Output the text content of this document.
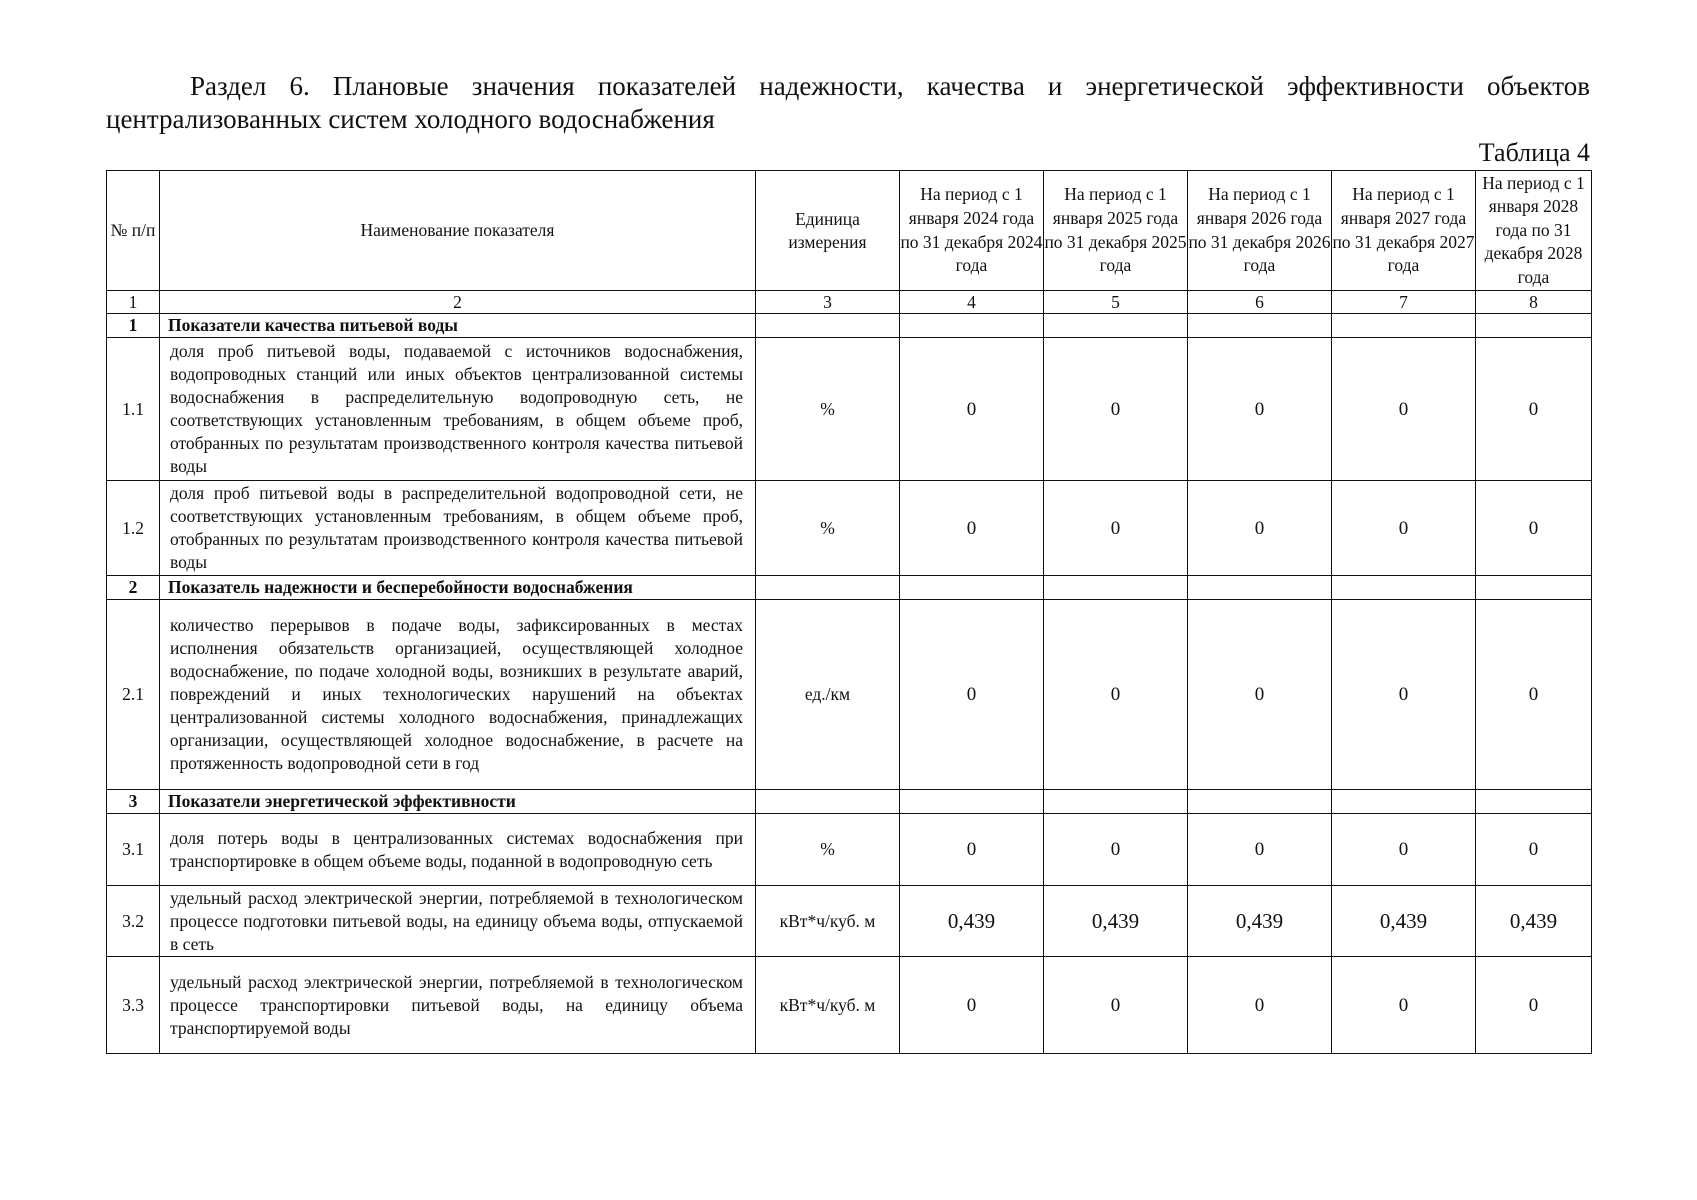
Раздел 6. Плановые значения показателей надежности, качества и энергетической эффективности объектов централизованных систем холодного водоснабжения
Таблица 4
№ п/п	Наименование показателя	Единица измерения	На период с 1 января 2024 года по 31 декабря 2024 года	На период с 1 января 2025 года по 31 декабря 2025 года	На период с 1 января 2026 года по 31 декабря 2026 года	На период с 1 января 2027 года по 31 декабря 2027 года	На период с 1 января 2028 года по 31 декабря 2028 года
1	2	3	4	5	6	7	8
1	Показатели качества питьевой воды						
1.1	доля проб питьевой воды, подаваемой с источников водоснабжения, водопроводных станций или иных объектов централизованной системы водоснабжения в распределительную водопроводную сеть, не соответствующих установленным требованиям, в общем объеме проб, отобранных по результатам производственного контроля качества питьевой воды	%	0	0	0	0	0
1.2	доля проб питьевой воды в распределительной водопроводной сети, не соответствующих установленным требованиям, в общем объеме проб, отобранных по результатам производственного контроля качества питьевой воды	%	0	0	0	0	0
2	Показатель надежности и бесперебойности водоснабжения						
2.1	количество перерывов в подаче воды, зафиксированных в местах исполнения обязательств организацией, осуществляющей холодное водоснабжение, по подаче холодной воды, возникших в результате аварий, повреждений и иных технологических нарушений на объектах централизованной системы холодного водоснабжения, принадлежащих организации, осуществляющей холодное водоснабжение, в расчете на протяженность водопроводной сети в год	ед./км	0	0	0	0	0
3	Показатели энергетической эффективности						
3.1	доля потерь воды в централизованных системах водоснабжения при транспортировке в общем объеме воды, поданной в водопроводную сеть	%	0	0	0	0	0
3.2	удельный расход электрической энергии, потребляемой в технологическом процессе подготовки питьевой воды, на единицу объема воды, отпускаемой в сеть	кВт*ч/куб. м	0,439	0,439	0,439	0,439	0,439
3.3	удельный расход электрической энергии, потребляемой в технологическом процессе транспортировки питьевой воды, на единицу объема транспортируемой воды	кВт*ч/куб. м	0	0	0	0	0
